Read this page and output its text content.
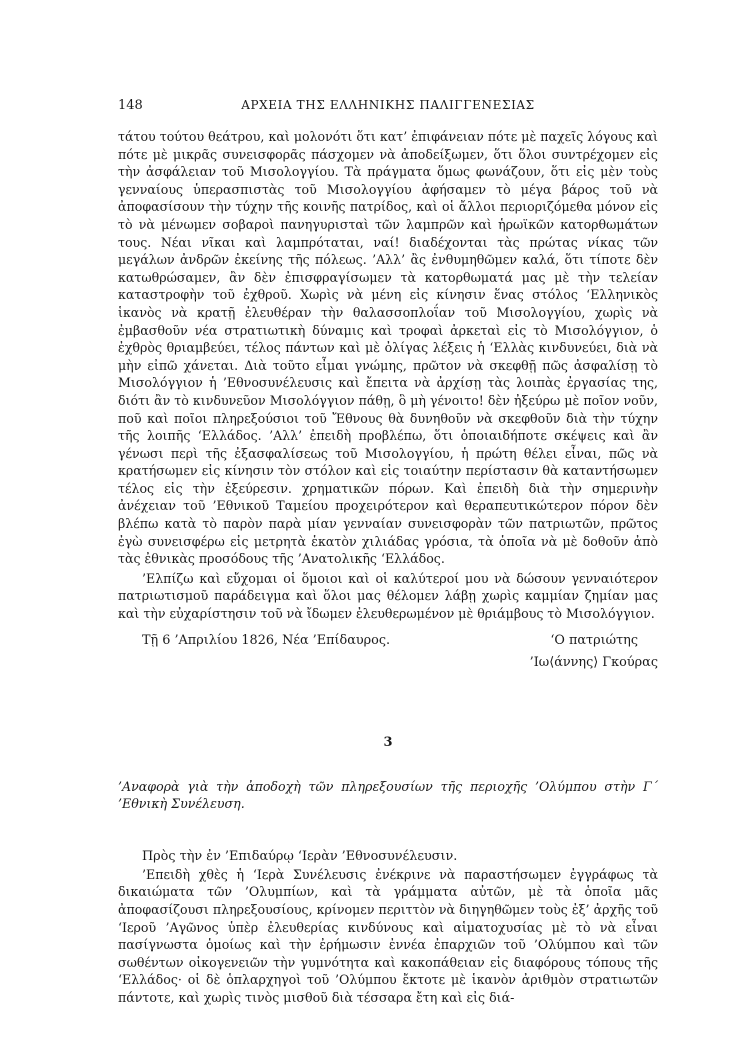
148	ΑΡΧΕΙΑ ΤΗΣ ΕΛΛΗΝΙΚΗΣ ΠΑΛΙΓΓΕΝΕΣΙΑΣ

τάτου τούτου θεάτρου, καὶ μολονότι ὅτι κατ’ ἐπιφάνειαν πότε μὲ παχεῖς λόγους καὶ πότε μὲ μικρᾶς συνεισφορᾶς πάσχομεν νὰ ἀποδείξωμεν, ὅτι ὅλοι συντρέχομεν εἰς τὴν ἀσφάλειαν τοῦ Μισολογγίου. Τὰ πράγματα ὅμως φωνάζουν, ὅτι εἰς μὲν τοὺς γενναίους ὑπερασπιστὰς τοῦ Μισολογγίου ἀφήσαμεν τὸ μέγα βάρος τοῦ νὰ ἀποφασίσουν τὴν τύχην τῆς κοινῆς πατρίδος, καὶ οἱ ἄλλοι περιοριζόμεθα μόνον εἰς τὸ νὰ μένωμεν σοβαροὶ πανηγυρισταὶ τῶν λαμπρῶν καὶ ἡρωϊκῶν κατορθωμάτων τους. Νέαι νῖκαι καὶ λαμπρόταται, ναί! διαδέχονται τὰς πρώτας νίκας τῶν μεγάλων ἀνδρῶν ἐκείνης τῆς πόλεως. ’Αλλ’ ἂς ἐνθυμηθῶμεν καλά, ὅτι τίποτε δὲν κατωθρώσαμεν, ἂν δὲν ἐπισφραγίσωμεν τὰ κατορθωματά μας μὲ τὴν τελείαν καταστροφὴν τοῦ ἐχθροῦ. Χωρὶς νὰ μένη εἰς κίνησιν ἕνας στόλος ‘Ελληνικὸς ἱκανὸς νὰ κρατῇ ἐλευθέραν τὴν θαλασσοπλοΐαν τοῦ Μισολογγίου, χωρὶς νὰ ἐμβασθοῦν νέα στρατιωτικὴ δύναμις καὶ τροφαὶ ἀρκεταὶ εἰς τὸ Μισολόγγιον, ὁ ἐχθρὸς θριαμβεύει, τέλος πάντων καὶ μὲ ὀλίγας λέξεις ἡ ‘Ελλὰς κινδυνεύει, διὰ νὰ μὴν εἰπῶ χάνεται. Διὰ τοῦτο εἶμαι γνώμης, πρῶτον νὰ σκεφθῇ πῶς ἀσφαλίσῃ τὸ Μισολόγγιον ἡ ’Εθνοσυνέλευσις καὶ ἔπειτα νὰ ἀρχίσῃ τὰς λοιπὰς ἐργασίας της, διότι ἂν τὸ κινδυνεῦον Μισολόγγιον πάθῃ, ὃ μὴ γένοιτο! δὲν ἠξεύρω μὲ ποῖον νοῦν, ποῦ καὶ ποῖοι πληρεξούσιοι τοῦ Ἔθνους θὰ δυνηθοῦν νὰ σκεφθοῦν διὰ τὴν τύχην τῆς λοιπῆς ‘Ελλάδος. ’Αλλ’ ἐπειδὴ προβλέπω, ὅτι ὁποιαιδήποτε σκέψεις καὶ ἂν γένωσι περὶ τῆς ἐξασφαλίσεως τοῦ Μισολογγίου, ἡ πρώτη θέλει εἶναι, πῶς νὰ κρατήσωμεν εἰς κίνησιν τὸν στόλον καὶ εἰς τοιαύτην περίστασιν θὰ καταντήσωμεν τέλος εἰς τὴν ἐξεύρεσιν. χρηματικῶν πόρων. Καὶ ἐπειδὴ διὰ τὴν σημερινὴν ἀνέχειαν τοῦ ’Εθνικοῦ Ταμείου προχειρότερον καὶ θεραπευτικώτερον πόρον δὲν βλέπω κατὰ τὸ παρὸν παρὰ μίαν γενναίαν συνεισφορὰν τῶν πατριωτῶν, πρῶτος ἐγὼ συνεισφέρω εἰς μετρητὰ ἑκατὸν χιλιάδας γρόσια, τὰ ὁποῖα νὰ μὲ δοθοῦν ἀπὸ τὰς ἐθνικὰς προσόδους τῆς ’Ανατολικῆς ‘Ελλάδος.

’Ελπίζω καὶ εὔχομαι οἱ ὅμοιοι καὶ οἱ καλύτεροί μου νὰ δώσουν γενναιότερον πατριωτισμοῦ παράδειγμα καὶ ὅλοι μας θέλομεν λάβῃ χωρὶς καμμίαν ζημίαν μας καὶ τὴν εὐχαρίστησιν τοῦ νὰ ἴδωμεν ἐλευθερωμένον μὲ θριάμβους τὸ Μισολόγγιον.

Τῇ 6 ’Απριλίου 1826, Νέα ’Επίδαυρος.	‘Ο πατριώτης
’Ιω⟨άννης⟩ Γκούρας
3
’Αναφορὰ γιὰ τὴν ἀποδοχὴ τῶν πληρεξουσίων τῆς περιοχῆς ’Ολύμπου στὴν Γ΄ ’Εθνικὴ Συνέλευση.
Πρὸς τὴν ἐν ’Επιδαύρῳ ‘Ιερὰν ’Εθνοσυνέλευσιν.

’Επειδὴ χθὲς ἡ ‘Ιερὰ Συνέλευσις ἐνέκρινε νὰ παραστήσωμεν ἐγγράφως τὰ δικαιώματα τῶν ’Ολυμπίων, καὶ τὰ γράμματα αὐτῶν, μὲ τὰ ὁποῖα μᾶς ἀποφασίζουσι πληρεξουσίους, κρίνομεν περιττὸν νὰ διηγηθῶμεν τοὺς ἐξ’ ἀρχῆς τοῦ ‘Ιεροῦ ’Αγῶνος ὑπὲρ ἐλευθερίας κινδύνους καὶ αἱματοχυσίας μὲ τὸ νὰ εἶναι πασίγνωστα ὁμοίως καὶ τὴν ἐρήμωσιν ἐννέα ἐπαρχιῶν τοῦ ’Ολύμπου καὶ τῶν σωθέντων οἰκογενειῶν τὴν γυμνότητα καὶ κακοπάθειαν εἰς διαφόρους τόπους τῆς ‘Ελλάδος· οἱ δὲ ὁπλαρχηγοὶ τοῦ ’Ολύμπου ἔκτοτε μὲ ἱκανὸν ἀριθμὸν στρατιωτῶν πάντοτε, καὶ χωρὶς τινὸς μισθοῦ διὰ τέσσαρα ἔτη καὶ εἰς διά-
